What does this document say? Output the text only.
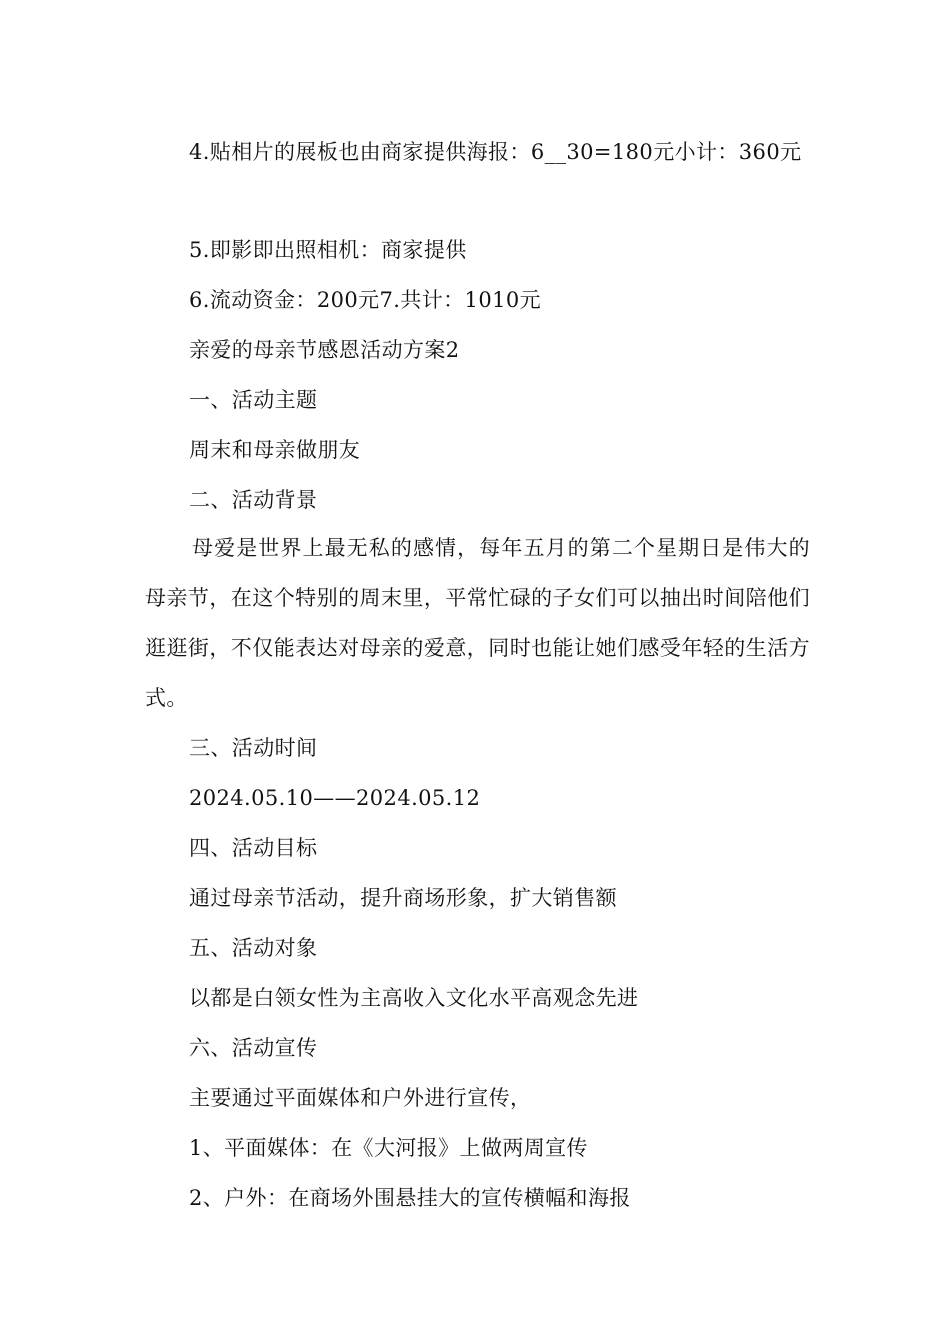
4.贴相片的展板也由商家提供海报：6__30=180元小计：360元
5.即影即出照相机：商家提供
6.流动资金：200元7.共计：1010元
亲爱的母亲节感恩活动方案2
一、活动主题
周末和母亲做朋友
二、活动背景
母爱是世界上最无私的感情，每年五月的第二个星期日是伟大的母亲节，在这个特别的周末里，平常忙碌的子女们可以抽出时间陪他们逛逛街，不仅能表达对母亲的爱意，同时也能让她们感受年轻的生活方式。
三、活动时间
2024.05.10——2024.05.12
四、活动目标
通过母亲节活动，提升商场形象，扩大销售额
五、活动对象
以都是白领女性为主高收入文化水平高观念先进
六、活动宣传
主要通过平面媒体和户外进行宣传，
1、平面媒体：在《大河报》上做两周宣传
2、户外：在商场外围悬挂大的宣传横幅和海报
